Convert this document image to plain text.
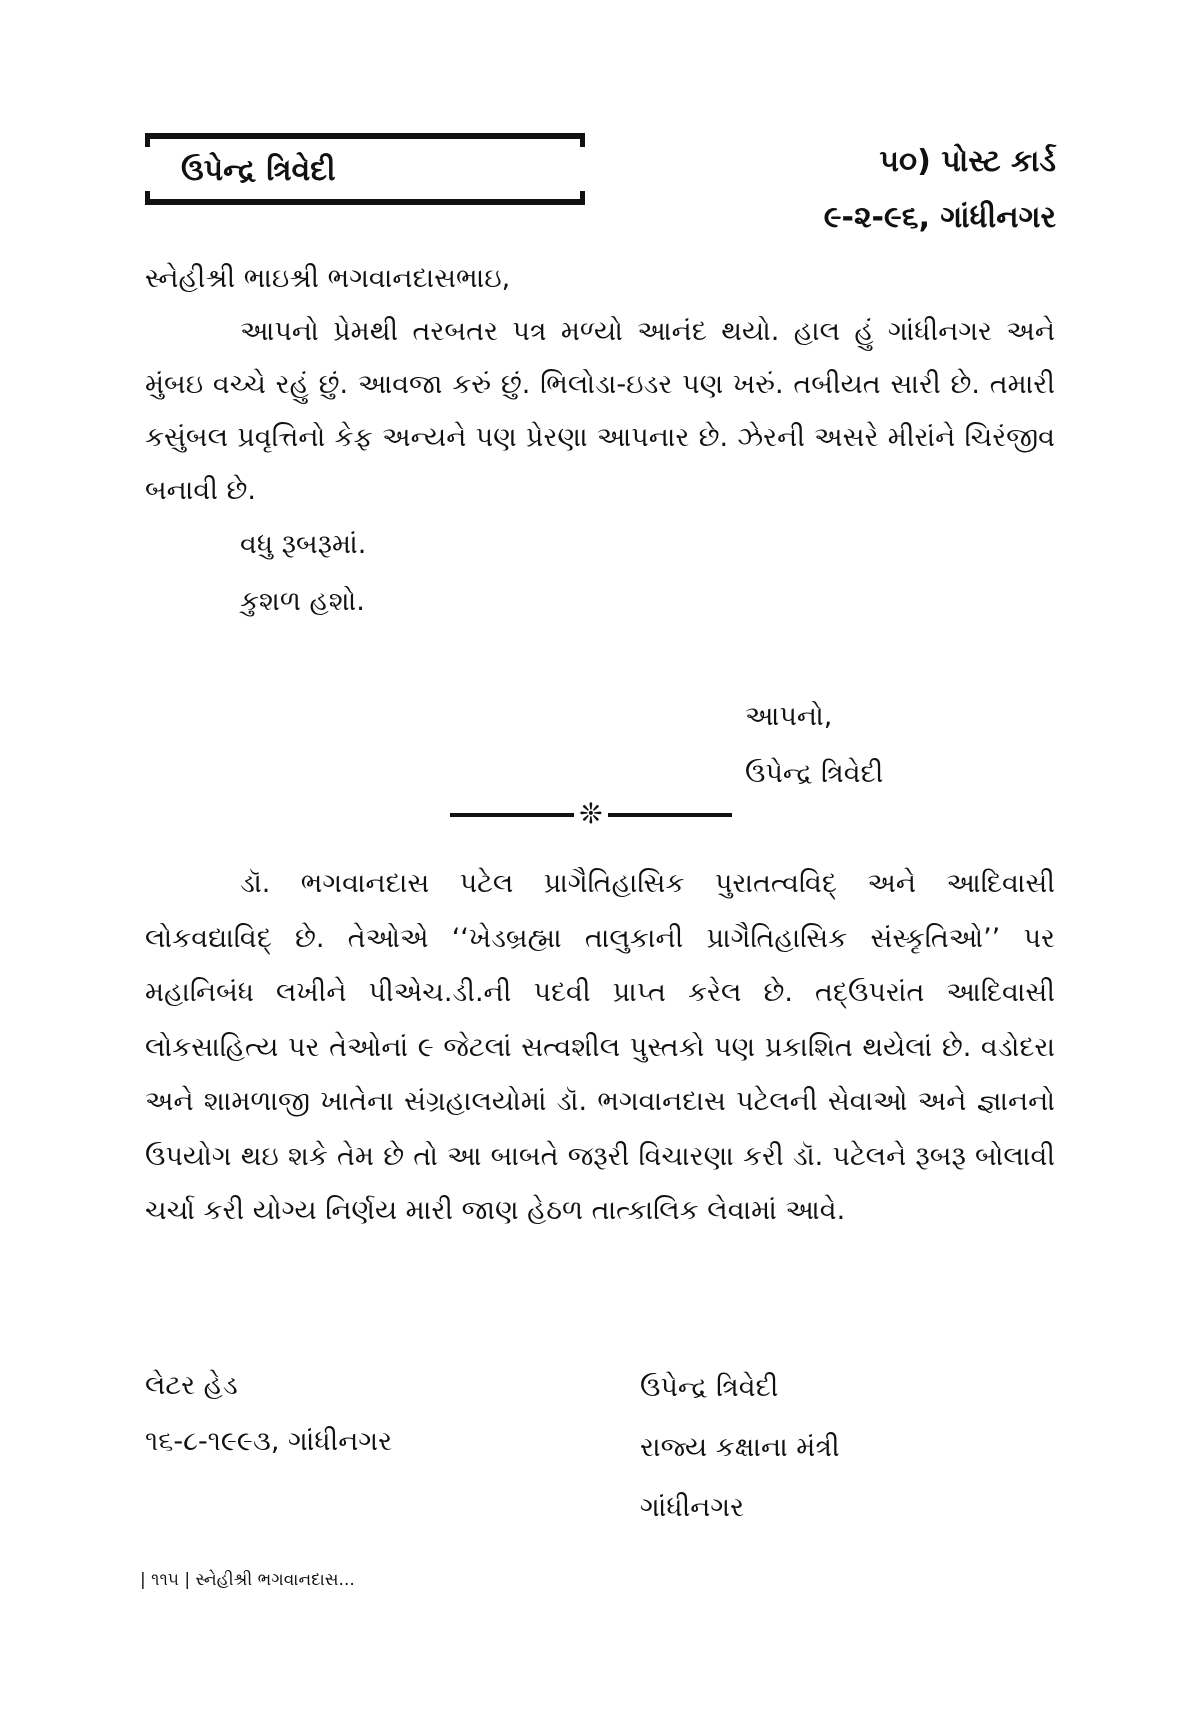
ઉપેન્દ્ર ત્રિવેદી	૫૦) પોસ્ટ કાર્ડ
૯-૨-૯૬, ગાંધીનગર
સ્નેહીશ્રી ભાઇશ્રી ભગવાનદાસભાઇ,

આપનો પ્રેમથી તરબતર પત્ર મળ્યો આનંદ થયો. હાલ હું ગાંધીનગર અને મુંબઇ વચ્ચે રહું છું. આવજા કરું છું. ભિલોડા-ઇડર પણ ખરું. તબીયત સારી છે. તમારી કસુંબલ પ્રવૃત્તિનો કેફ અન્યને પણ પ્રેરણા આપનાર છે. ઝેરની અસરે મીરાંને ચિરંજીવ બનાવી છે.

વધુ રૂબરૂમાં.
કુશળ હશો.
આપનો,
ઉપેન્દ્ર ત્રિવેદી
❊

ડૉ. ભગવાનદાસ પટેલ પ્રાગૈતિહાસિક પુરાતત્વવિદ્ અને આદિવાસી લોકવદ્યાવિદ્ છે. તેઓએ ‘‘ખેડબ્રહ્મા તાલુકાની પ્રાગૈતિહાસિક સંસ્કૃતિઓ’’ પર મહાનિબંધ લખીને પીએચ.ડી.ની પદવી પ્રાપ્ત કરેલ છે. તદ્ઉપરાંત આદિવાસી લોકસાહિત્ય પર તેઓનાં ૯ જેટલાં સત્વશીલ પુસ્તકો પણ પ્રકાશિત થયેલાં છે. વડોદરા અને શામળાજી ખાતેના સંગ્રહાલયોમાં ડૉ. ભગવાનદાસ પટેલની સેવાઓ અને જ્ઞાનનો ઉપયોગ થઇ શકે તેમ છે તો આ બાબતે જરૂરી વિચારણા કરી ડૉ. પટેલને રૂબરૂ બોલાવી ચર્ચા કરી યોગ્ય નિર્ણય મારી જાણ હેઠળ તાત્કાલિક લેવામાં આવે.

લેટર હેડ
૧૬-૮-૧૯૯૩, ગાંધીનગર
ઉપેન્દ્ર ત્રિવેદી
રાજ્ય કક્ષાના મંત્રી
ગાંધીનગર
| ૧૧૫ | સ્નેહીશ્રી ભગવાનદાસ...
